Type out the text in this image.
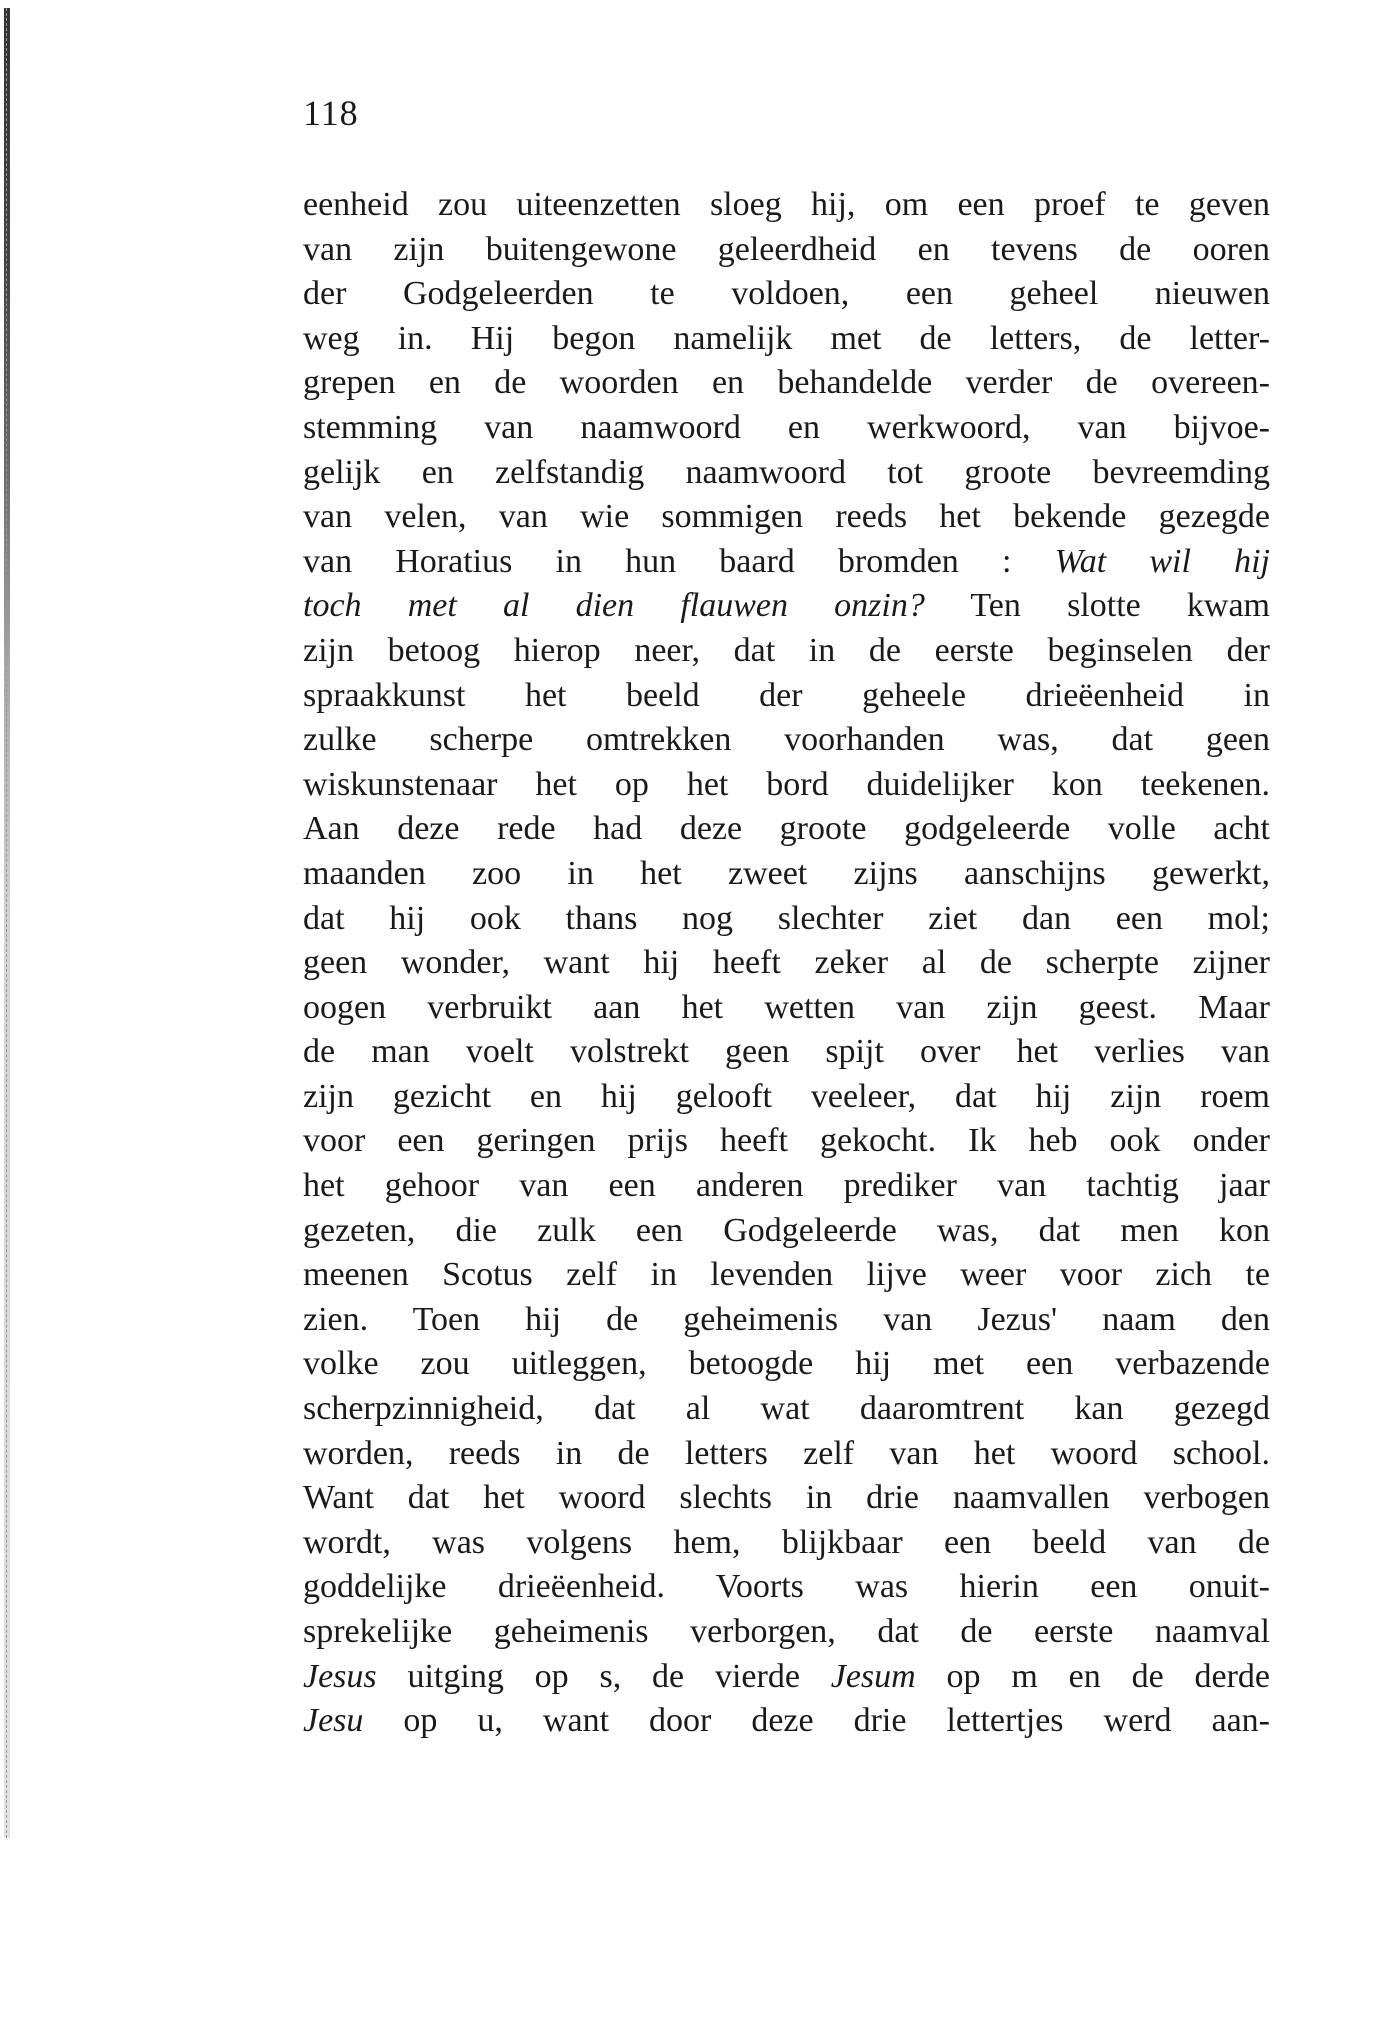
118
eenheid zou uiteenzetten sloeg hij, om een proef te geven
van zijn buitengewone geleerdheid en tevens de ooren
der Godgeleerden te voldoen, een geheel nieuwen
weg in. Hij begon namelijk met de letters, de letter-
grepen en de woorden en behandelde verder de overeen-
stemming van naamwoord en werkwoord, van bijvoe-
gelijk en zelfstandig naamwoord tot groote bevreemding
van velen, van wie sommigen reeds het bekende gezegde
van Horatius in hun baard bromden : Wat wil hij
toch met al dien flauwen onzin? Ten slotte kwam
zijn betoog hierop neer, dat in de eerste beginselen der
spraakkunst het beeld der geheele drieëenheid in
zulke scherpe omtrekken voorhanden was, dat geen
wiskunstenaar het op het bord duidelijker kon teekenen.
Aan deze rede had deze groote godgeleerde volle acht
maanden zoo in het zweet zijns aanschijns gewerkt,
dat hij ook thans nog slechter ziet dan een mol;
geen wonder, want hij heeft zeker al de scherpte zijner
oogen verbruikt aan het wetten van zijn geest. Maar
de man voelt volstrekt geen spijt over het verlies van
zijn gezicht en hij gelooft veeleer, dat hij zijn roem
voor een geringen prijs heeft gekocht. Ik heb ook onder
het gehoor van een anderen prediker van tachtig jaar
gezeten, die zulk een Godgeleerde was, dat men kon
meenen Scotus zelf in levenden lijve weer voor zich te
zien. Toen hij de geheimenis van Jezus' naam den
volke zou uitleggen, betoogde hij met een verbazende
scherpzinnigheid, dat al wat daaromtrent kan gezegd
worden, reeds in de letters zelf van het woord school.
Want dat het woord slechts in drie naamvallen verbogen
wordt, was volgens hem, blijkbaar een beeld van de
goddelijke drieëenheid. Voorts was hierin een onuit-
sprekelijke geheimenis verborgen, dat de eerste naamval
Jesus uitging op s, de vierde Jesum op m en de derde
Jesu op u, want door deze drie lettertjes werd aan-
